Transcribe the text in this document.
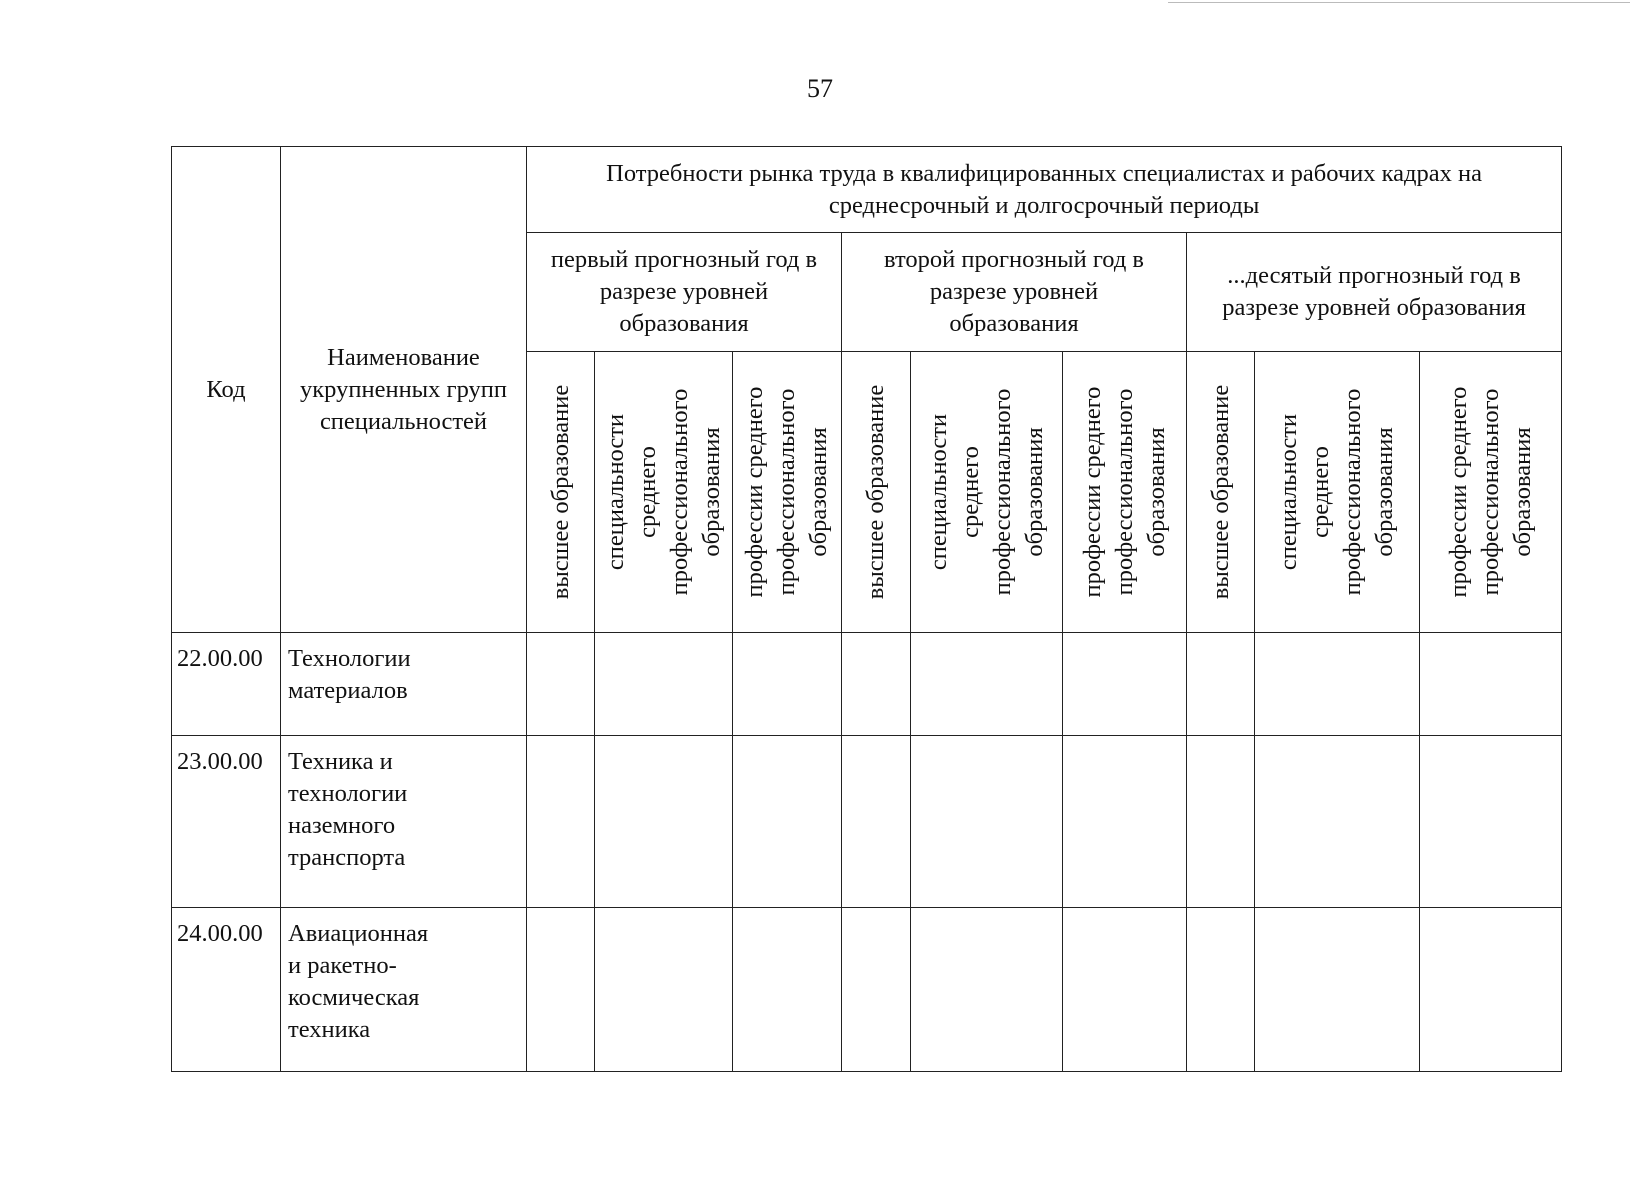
57
Код	Наименование укрупненных групп специальностей	Потребности рынка труда в квалифицированных специалистах и рабочих кадрах на среднесрочный и долгосрочный периоды								

		первый прогнозный год в разрезе уровней образования			второй прогнозный год в разрезе уровней образования			...десятый прогнозный год в разрезе уровней образования		

		высшее образование	специальности среднего профессионального образования	профессии среднего профессионального образования	высшее образование	специальности среднего профессионального образования	профессии среднего профессионального образования	высшее образование	специальности среднего профессионального образования	профессии среднего профессионального образования

22.00.00	Технологии материалов									

23.00.00	Техника и технологии наземного транспорта									

24.00.00	Авиационная и ракетно-космическая техника									
